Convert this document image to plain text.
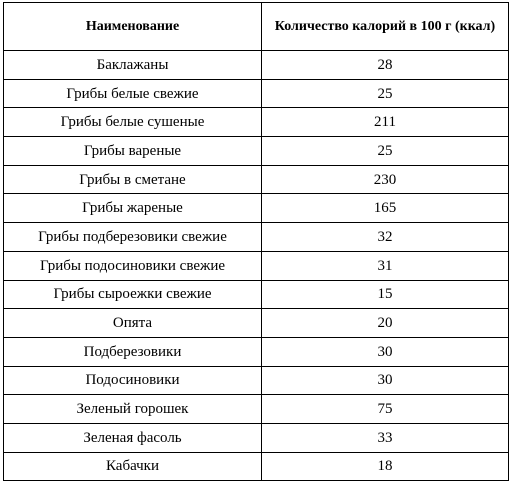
Наименование	Количество калорий в 100 г (ккал)
Баклажаны	28
Грибы белые свежие	25
Грибы белые сушеные	211
Грибы вареные	25
Грибы в сметане	230
Грибы жареные	165
Грибы подберезовики свежие	32
Грибы подосиновики свежие	31
Грибы сыроежки свежие	15
Опята	20
Подберезовики	30
Подосиновики	30
Зеленый горошек	75
Зеленая фасоль	33
Кабачки	18
